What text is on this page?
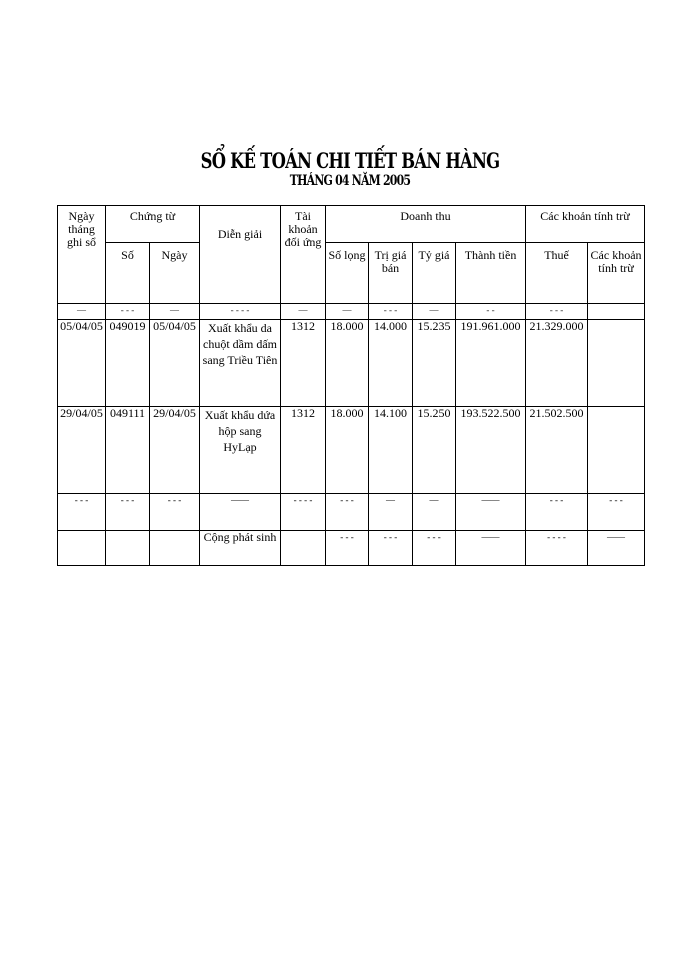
SỔ KẾ TOÁN CHI TIẾT BÁN HÀNG
THÁNG 04 NĂM 2005
Ngày tháng ghi sổ	Chứng từ		Diễn giải	Tài khoản đối ứng	Doanh thu				Các khoản tính trừ	
	Số	Ngày			Số lọng	Trị giá bán	Tỷ giá	Thành tiền	Thuế	Các khoản tính trừ
—	- - -	—	- - - -	—	—	- - -	—	- -	- - -	
05/04/05	049019	05/04/05	Xuất khẩu da chuột dầm dấm sang Triều Tiên	1312	18.000	14.000	15.235	191.961.000	21.329.000	
29/04/05	049111	29/04/05	Xuất khẩu dứa hộp sang HyLạp	1312	18.000	14.100	15.250	193.522.500	21.502.500	
- - -	- - -	- - -	——	- - - -	- - -	—	—	——	- - -	- - -
			Cộng phát sinh		- - -	- - -	- - -	——	- - - -	——
